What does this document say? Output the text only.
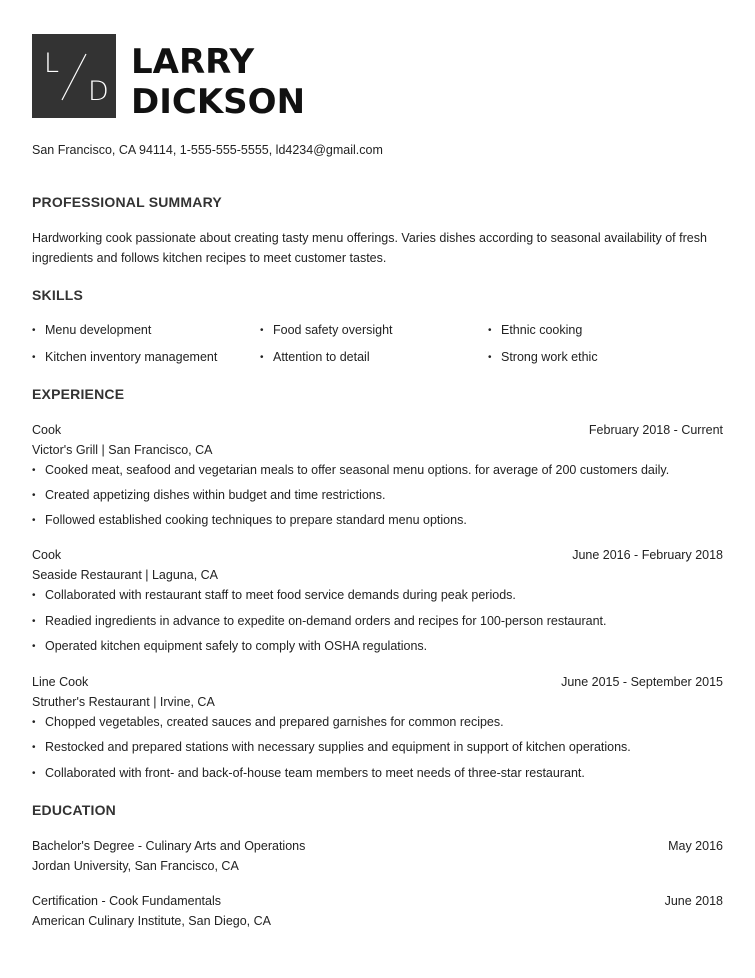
L
D
LARRY
DICKSON
San Francisco, CA 94114, 1-555-555-5555, ld4234@gmail.com
PROFESSIONAL SUMMARY
Hardworking cook passionate about creating tasty menu offerings. Varies dishes according to seasonal availability of fresh
ingredients and follows kitchen recipes to meet customer tastes.
SKILLS
• Menu development	• Food safety oversight	• Ethnic cooking
• Kitchen inventory management	• Attention to detail	• Strong work ethic
EXPERIENCE
Cook	February 2018 - Current
Victor's Grill | San Francisco, CA
• Cooked meat, seafood and vegetarian meals to offer seasonal menu options. for average of 200 customers daily.
• Created appetizing dishes within budget and time restrictions.
• Followed established cooking techniques to prepare standard menu options.
Cook	June 2016 - February 2018
Seaside Restaurant | Laguna, CA
• Collaborated with restaurant staff to meet food service demands during peak periods.
• Readied ingredients in advance to expedite on-demand orders and recipes for 100-person restaurant.
• Operated kitchen equipment safely to comply with OSHA regulations.
Line Cook	June 2015 - September 2015
Struther's Restaurant | Irvine, CA
• Chopped vegetables, created sauces and prepared garnishes for common recipes.
• Restocked and prepared stations with necessary supplies and equipment in support of kitchen operations.
• Collaborated with front- and back-of-house team members to meet needs of three-star restaurant.
EDUCATION
Bachelor's Degree - Culinary Arts and Operations	May 2016
Jordan University, San Francisco, CA
Certification - Cook Fundamentals	June 2018
American Culinary Institute, San Diego, CA
